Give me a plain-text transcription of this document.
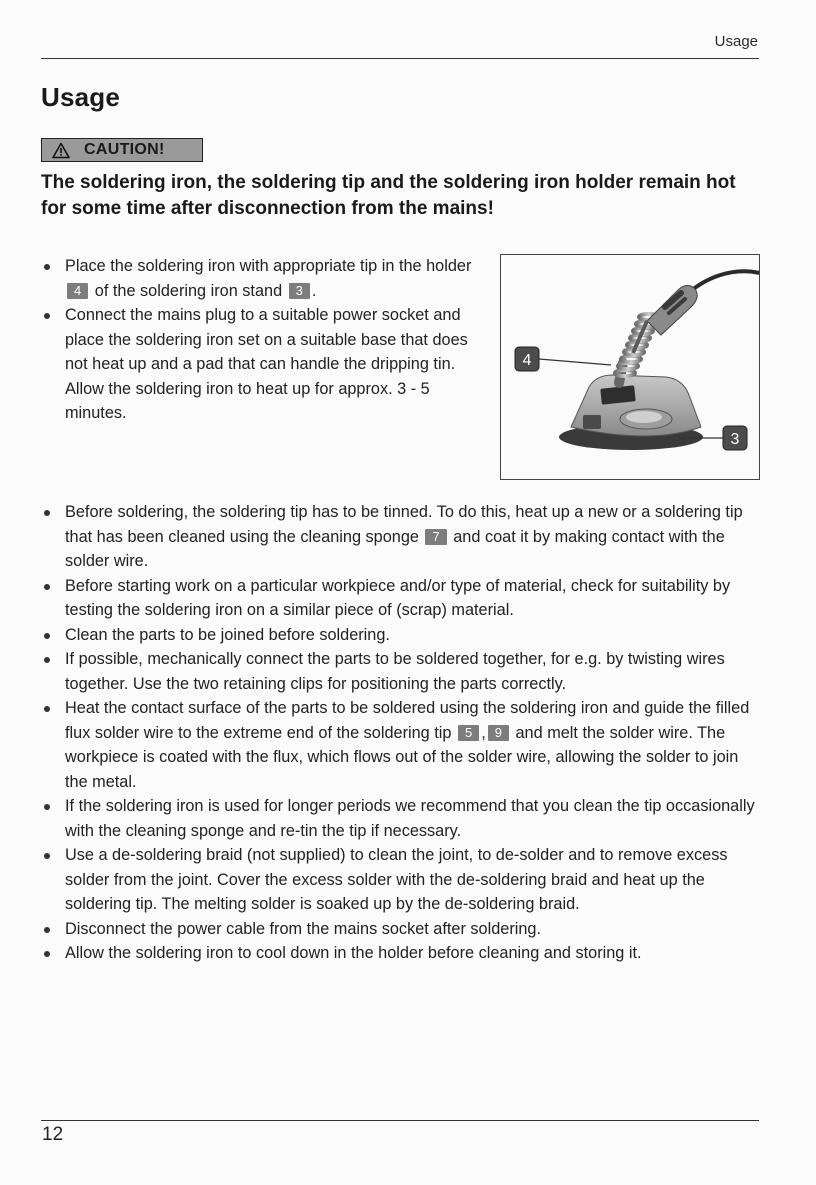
Usage
Usage
CAUTION!

The soldering iron, the soldering tip and the soldering iron holder remain hot for some time after disconnection from the mains!

Place the soldering iron with appropriate tip in the holder 4 of the soldering iron stand 3 .
Connect the mains plug to a suitable power socket and place the soldering iron set on a suitable base that does not heat up and a pad that can handle the dripping tin. Allow the soldering iron to heat up for approx. 3 - 5 minutes.
4
3
Before soldering, the soldering tip has to be tinned. To do this, heat up a new or a soldering tip that has been cleaned using the cleaning sponge 7 and coat it by making contact with the solder wire.
Before starting work on a particular workpiece and/or type of material, check for suitability by testing the soldering iron on a similar piece of (scrap) material.
Clean the parts to be joined before soldering.
If possible, mechanically connect the parts to be soldered together, for e.g. by twisting wires together. Use the two retaining clips for positioning the parts correctly.
Heat the contact surface of the parts to be soldered using the soldering iron and guide the filled flux solder wire to the extreme end of the soldering tip 5 , 9 and melt the solder wire. The workpiece is coated with the flux, which flows out of the solder wire, allowing the solder to join the metal.
If the soldering iron is used for longer periods we recommend that you clean the tip occasionally with the cleaning sponge and re-tin the tip if necessary.
Use a de-soldering braid (not supplied) to clean the joint, to de-solder and to remove excess solder from the joint. Cover the excess solder with the de-soldering braid and heat up the soldering tip. The melting solder is soaked up by the de-soldering braid.
Disconnect the power cable from the mains socket after soldering.
Allow the soldering iron to cool down in the holder before cleaning and storing it.
12
